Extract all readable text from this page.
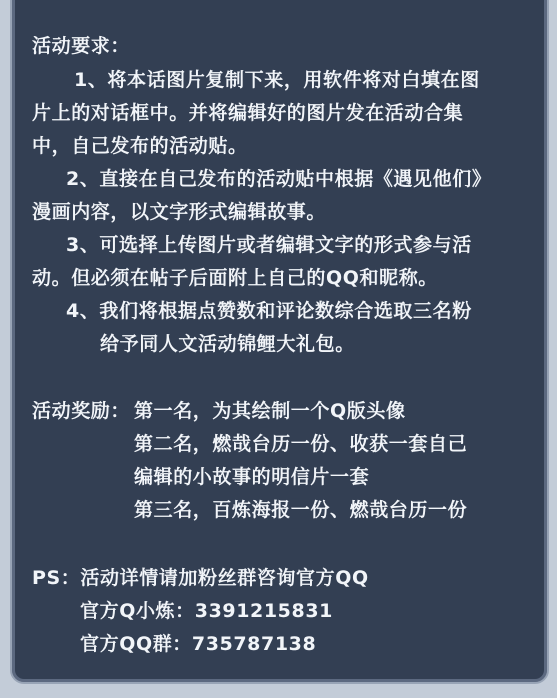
活动要求：
1、将本话图片复制下来，用软件将对白填在图
片上的对话框中。并将编辑好的图片发在活动合集
中，自己发布的活动贴。
2、直接在自己发布的活动贴中根据《遇见他们》
漫画内容，以文字形式编辑故事。
3、可选择上传图片或者编辑文字的形式参与活
动。但必须在帖子后面附上自己的QQ和昵称。
4、我们将根据点赞数和评论数综合选取三名粉
给予同人文活动锦鲤大礼包。
活动奖励： 第一名，为其绘制一个Q版头像
第二名，燃哉台历一份、收获一套自己
编辑的小故事的明信片一套
第三名，百炼海报一份、燃哉台历一份
PS：活动详情请加粉丝群咨询官方QQ
官方Q小炼：3391215831
官方QQ群：735787138
